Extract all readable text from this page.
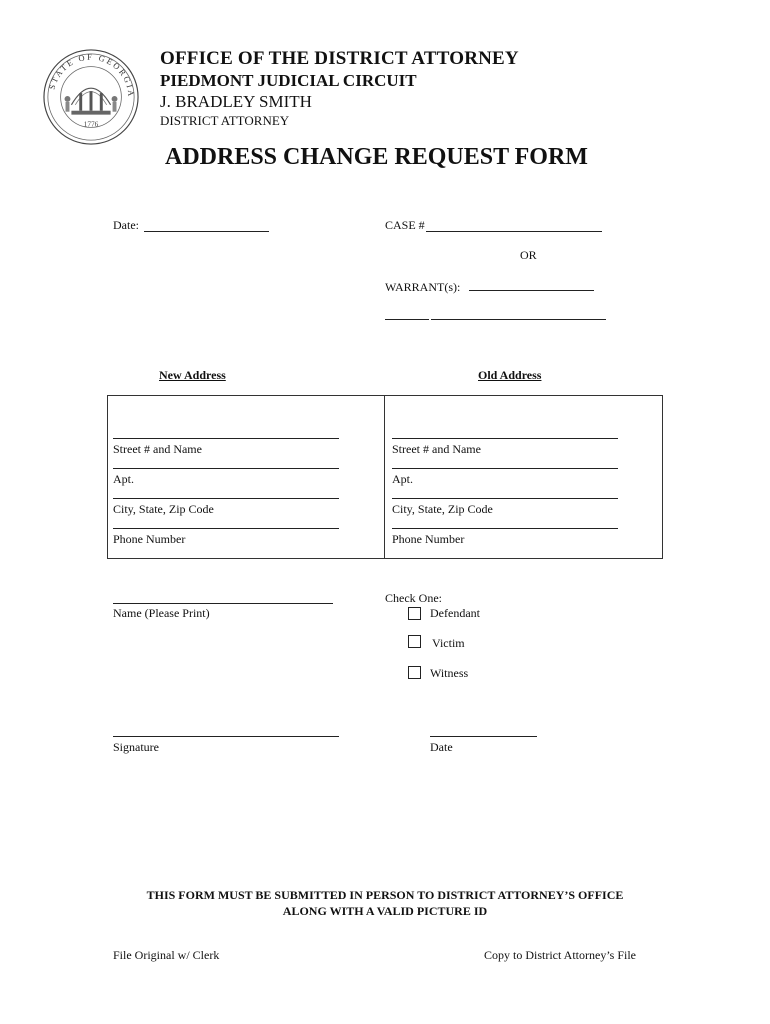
STATE OF GEORGIA
1776
OFFICE OF THE DISTRICT ATTORNEY
PIEDMONT JUDICIAL CIRCUIT
J. BRADLEY SMITH
DISTRICT ATTORNEY
ADDRESS CHANGE REQUEST FORM
Date:	CASE #
OR
WARRANT(s):
New Address	Old Address
Street # and Name
Apt.
City, State, Zip Code
Phone Number
Street # and Name
Apt.
City, State, Zip Code
Phone Number
Name (Please Print)
Check One:
Defendant
Victim
Witness
Signature	Date
THIS FORM MUST BE SUBMITTED IN PERSON TO DISTRICT ATTORNEY’S OFFICE
ALONG WITH A VALID PICTURE ID
File Original w/ Clerk	Copy to District Attorney’s File
